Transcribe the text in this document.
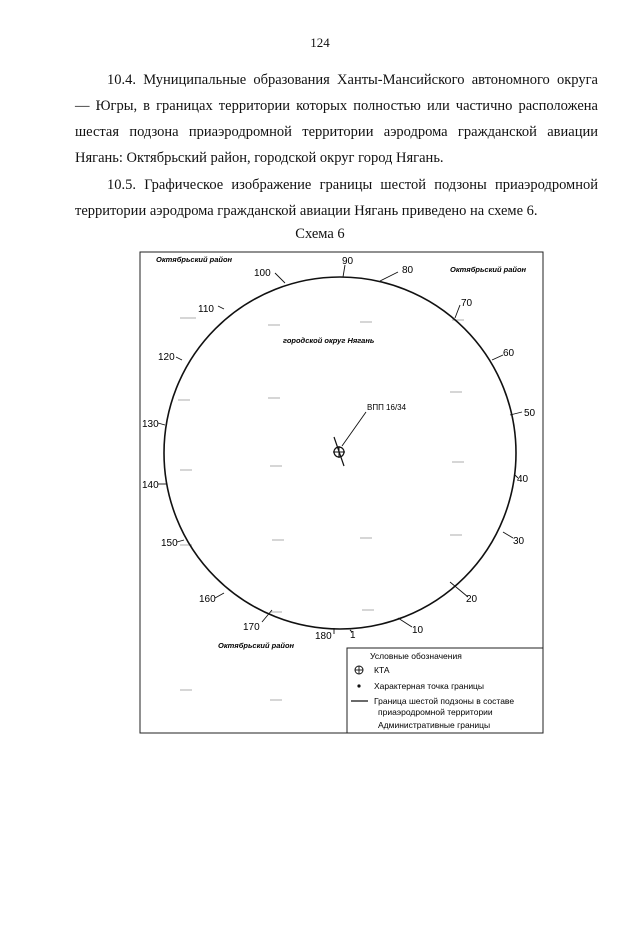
124

10.4. Муниципальные образования Ханты-Мансийского автономного округа — Югры, в границах территории которых полностью или частично расположена шестая подзона приаэродромной территории аэродрома гражданской авиации Нягань: Октябрьский район, городской округ город Нягань.

10.5. Графическое изображение границы шестой подзоны приаэродромной территории аэродрома гражданской авиации Нягань приведено на схеме 6.

Схема 6
ВПП 16/34
Октябрьский район
Октябрьский район
Октябрьский район
городской округ Нягань
90
80
70
60
50
40
30
20
10
1
100
110
120
130
140
150
160
170
180
Условные обозначения
КТА
Характерная точка границы
Граница шестой подзоны в составе
приаэродромной территории
Административные границы
